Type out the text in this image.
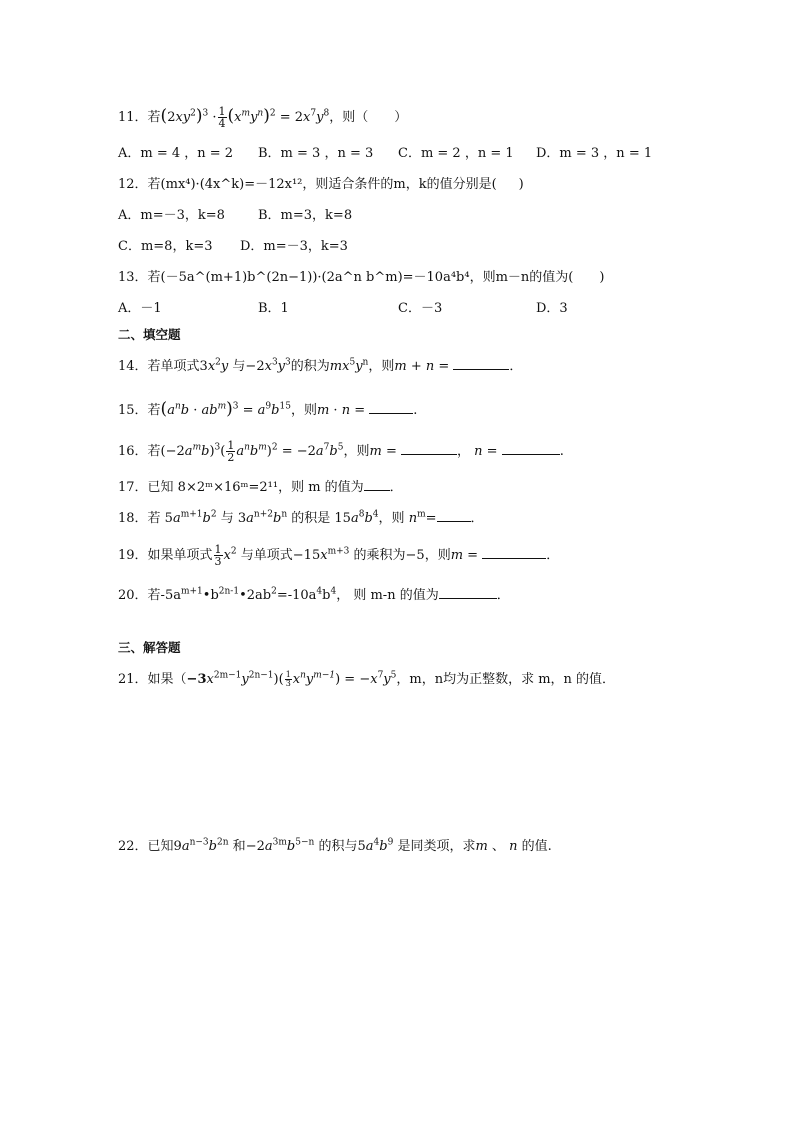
11．若$(2xy^2)^3 \cdot \frac{1}{4} (x^my^n)^2 = 2x^7y^8$，则（ ）
A．m = 4 ，n = 2 B．m = 3 ，n = 3 C．m = 2 ，n = 1 D．m = 3 ，n = 1
12．若(mx⁴)·(4x^k)=－12x¹²，则适合条件的m，k的值分别是( )
A．m=－3，k=8	B．m=3，k=8
C．m=8，k=3 D．m=－3，k=3
13．若(－5a^(m+1)b^(2n−1))·(2a^n b^m)=－10a⁴b⁴，则m－n的值为( )
A．－1	B．1	C．－3	D．3
二、填空题
14．若单项式$3x^2y$ 与$-2x^3y^3$的积为$mx^5y^n$，则m + n =	．
15．若$(a^nb \cdot ab^m)^3 = a^9b^{15}$，则m · n =	.
16．若$(-2a^mb)^3( \frac{1}{2} a^nb^m)^2 = -2a^7b^5$，则m =	， n =	.
17．已知 8×2ᵐ×16ᵐ=2¹¹，则 m 的值为 ．
18．若 $5a^{m+1}b^2$ 与 $3a^{n+2}b^n$ 的积是 $15a^8b^4$，则 $n^m=$	．
19．如果单项式 $\frac{1}{3} x^2$ 与单项式$-15x^{m+3}$ 的乘积为−5，则m =	．
20．若$-5a^{m+1}•b^{2n-1}•2ab^2=-10a^4b^4$， 则 m-n 的值为	．
三、解答题
21．如果$(-3x^{2m-1}y^{2n-1})( \frac{1}{3} x^ny^{m-1}) = -x^7y^5$，m，n均为正整数，求 m，n 的值．
22．已知$9a^{n-3}b^{2n}$ 和$-2a^{3m}b^{5-n}$ 的积与$5a^4b^9$ 是同类项，求m 、 n 的值.
